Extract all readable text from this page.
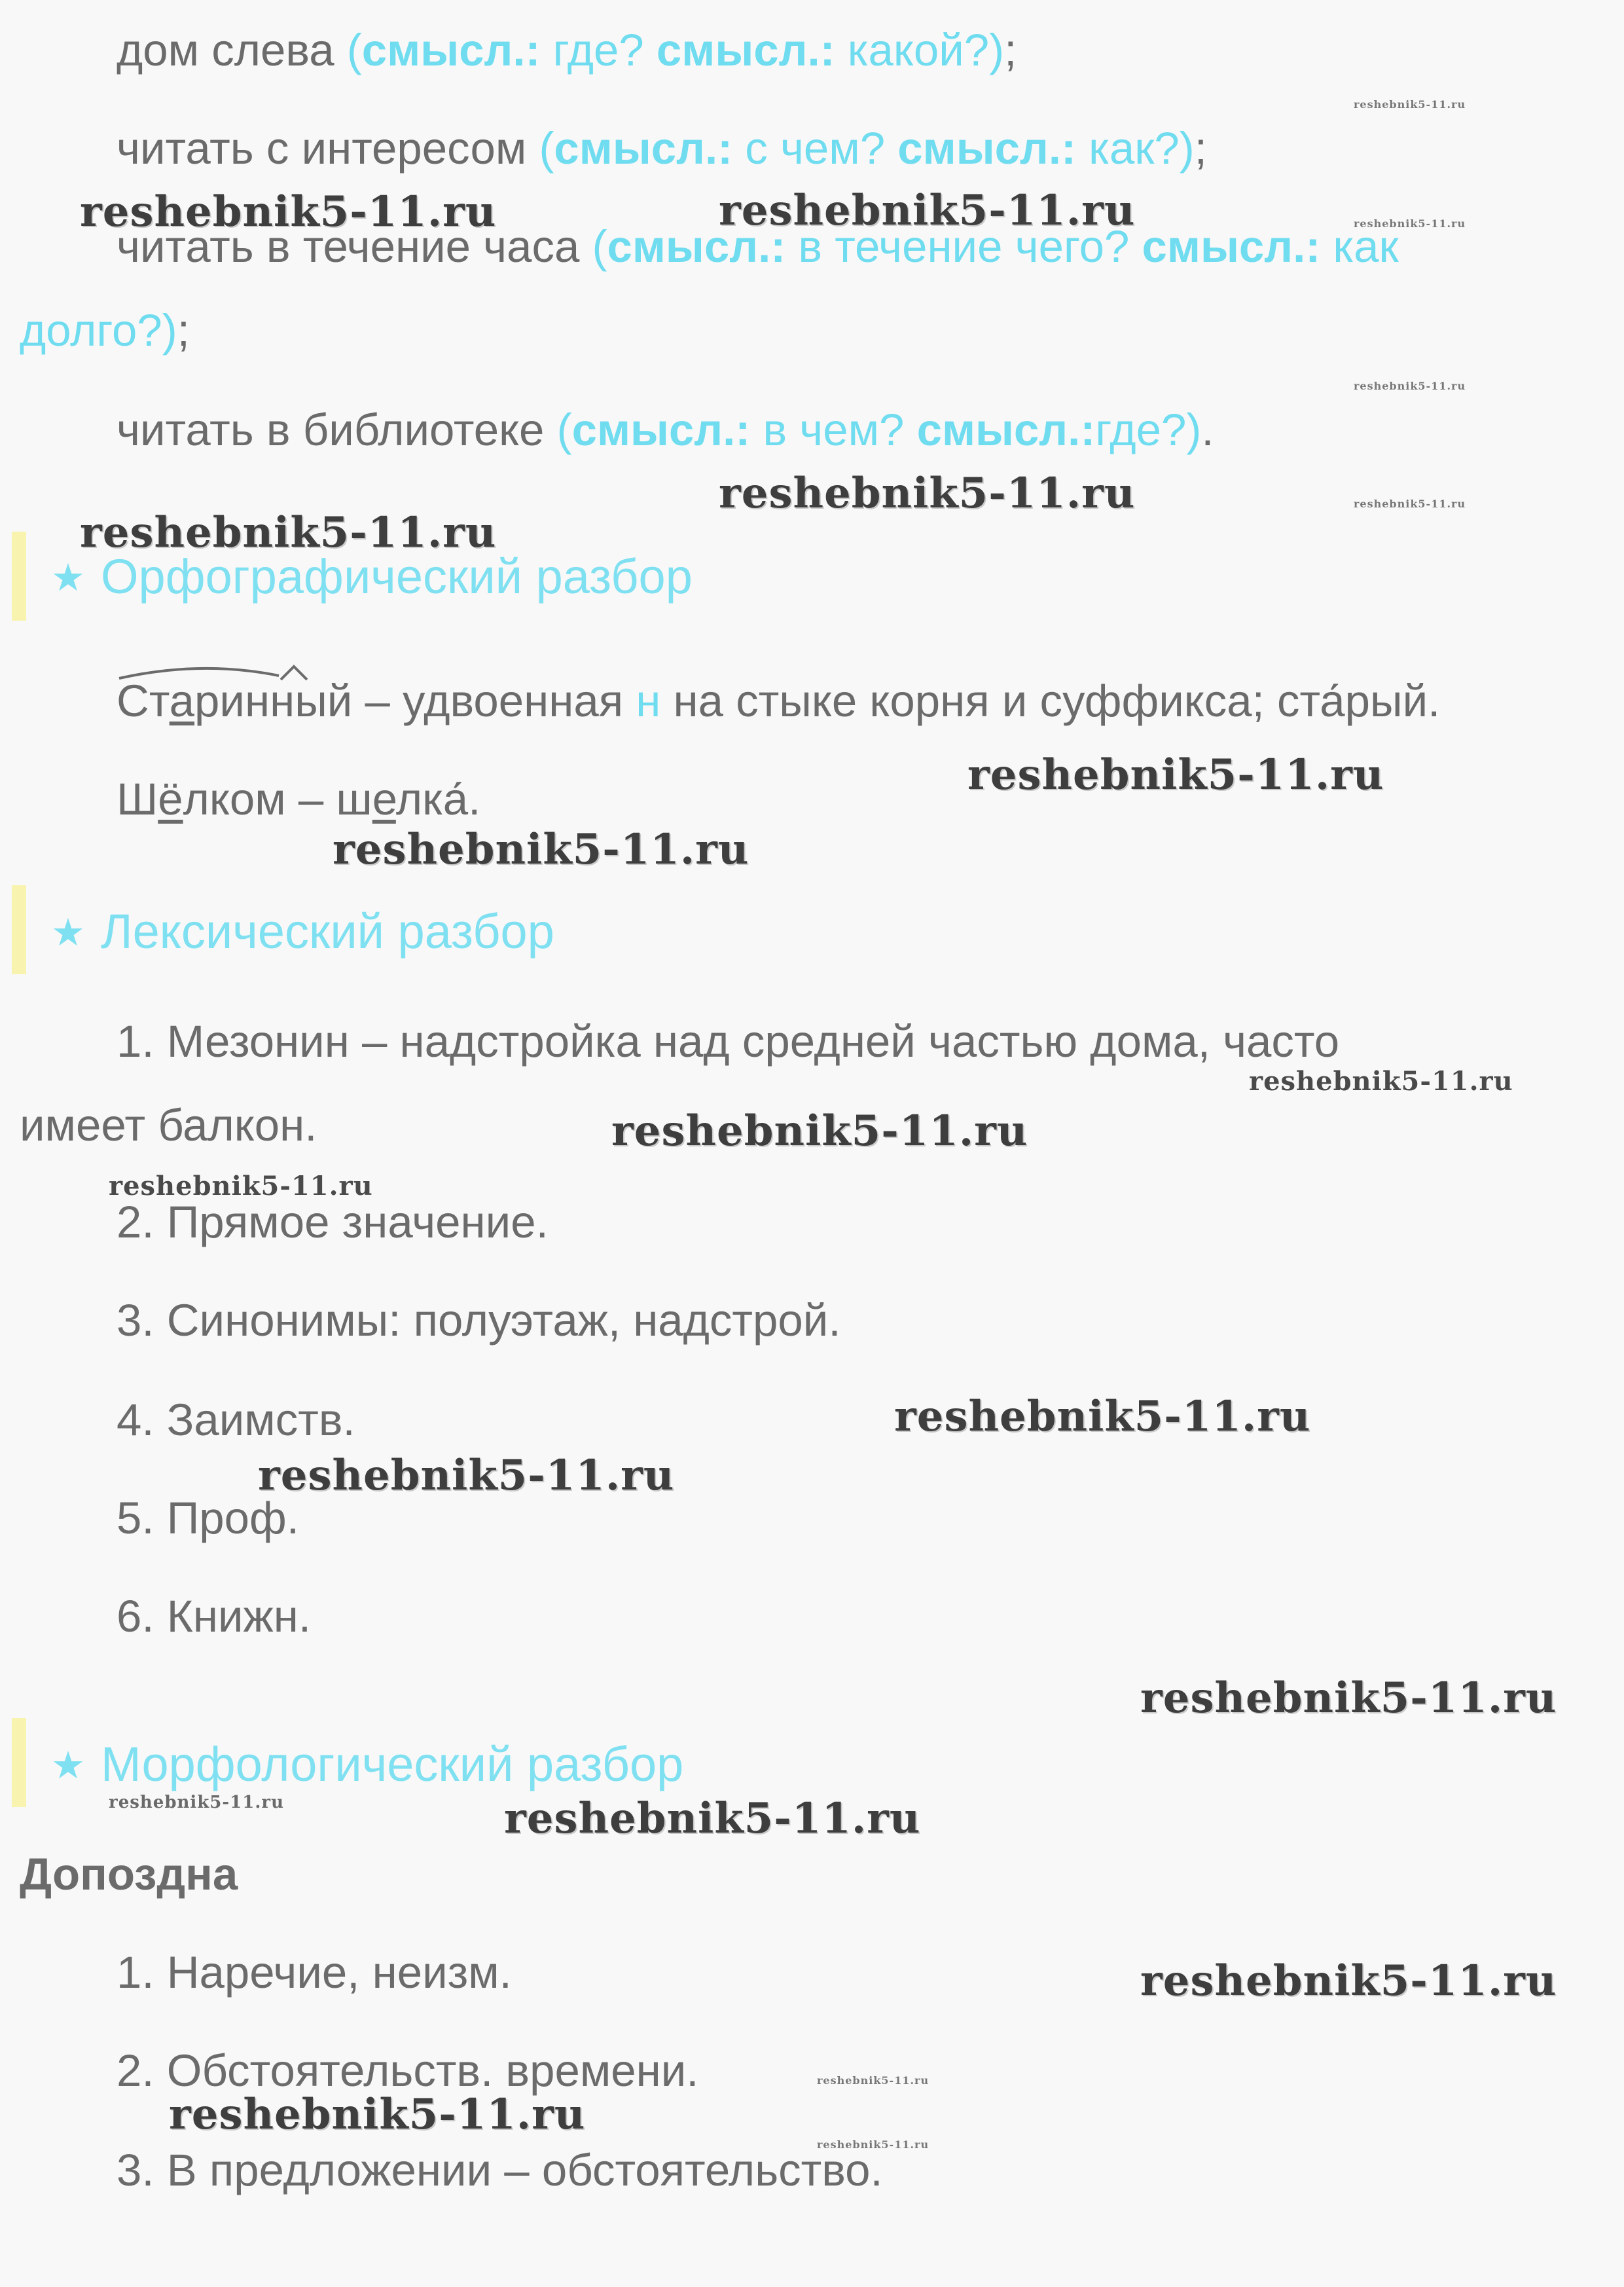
дом слева (смысл.: где? смысл.: какой?);
читать с интересом (смысл.: с чем? смысл.: как?);
читать в течение часа (смысл.: в течение чего? смысл.: как
долго?);
читать в библиотеке (смысл.: в чем? смысл.:где?).
★ Орфографический разбор
Старинный – удвоенная н на стыке корня и суффикса; ста́рый.
Шёлком – шелка́.
★ Лексический разбор
1. Мезонин – надстройка над средней частью дома, часто
имеет балкон.
2. Прямое значение.
3. Синонимы: полуэтаж, надстрой.
4. Заимств.
5. Проф.
6. Книжн.
★ Морфологический разбор
Допоздна
1. Наречие, неизм.
2. Обстоятельств. времени.
3. В предложении – обстоятельство.
reshebnik5-11.ru
reshebnik5-11.ru	reshebnik5-11.ru	reshebnik5-11.ru
reshebnik5-11.ru
reshebnik5-11.ru	reshebnik5-11.ru
reshebnik5-11.ru
reshebnik5-11.ru
reshebnik5-11.ru
reshebnik5-11.ru
reshebnik5-11.ru
reshebnik5-11.ru
reshebnik5-11.ru
reshebnik5-11.ru
reshebnik5-11.ru
reshebnik5-11.ru	reshebnik5-11.ru
reshebnik5-11.ru
reshebnik5-11.ru
reshebnik5-11.ru
reshebnik5-11.ru
